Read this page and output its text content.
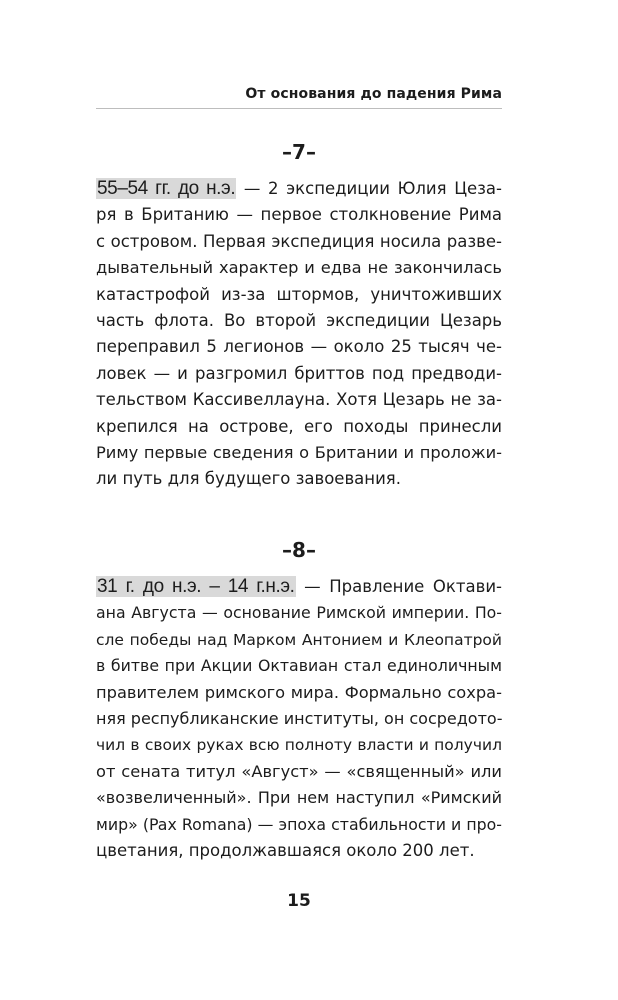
От основания до падения Рима
–7–
55–54 гг. до н.э. — 2 экспедиции Юлия Цеза-
ря в Британию — первое столкновение Рима
с островом. Первая экспедиция носила разве-
дывательный характер и едва не закончилась
катастрофой из-за штормов, уничтоживших
часть флота. Во второй экспедиции Цезарь
переправил 5 легионов — около 25 тысяч че-
ловек — и разгромил бриттов под предводи-
тельством Кассивеллауна. Хотя Цезарь не за-
крепился на острове, его походы принесли
Риму первые сведения о Британии и проложи-
ли путь для будущего завоевания.
–8–
31 г. до н.э. – 14 г.н.э. — Правление Октави-
ана Августа — основание Римской империи. По-
сле победы над Марком Антонием и Клеопатрой
в битве при Акции Октавиан стал единоличным
правителем римского мира. Формально сохра-
няя республиканские институты, он сосредото-
чил в своих руках всю полноту власти и получил
от сената титул «Август» — «священный» или
«возвеличенный». При нем наступил «Римский
мир» (Pax Romana) — эпоха стабильности и про-
цветания, продолжавшаяся около 200 лет.
15
